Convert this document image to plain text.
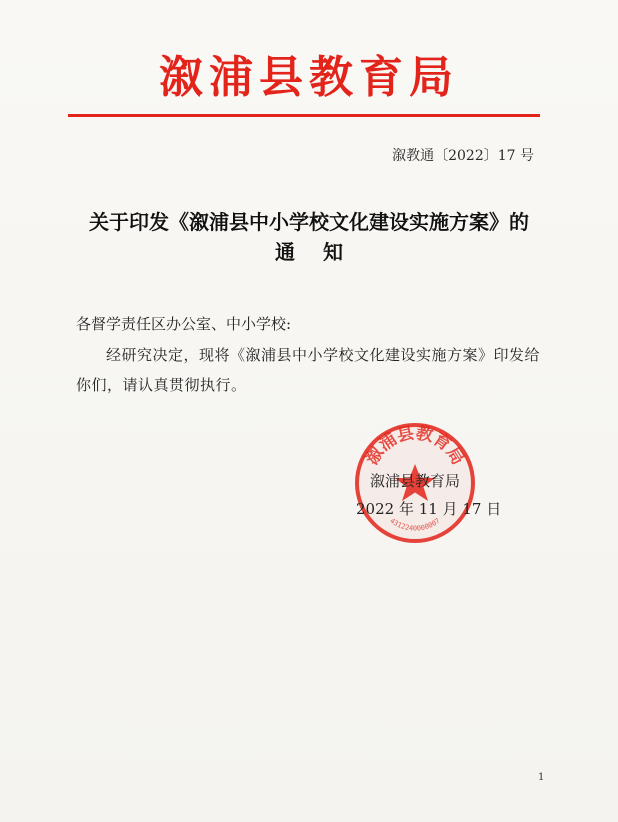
溆浦县教育局
溆教通〔2022〕17 号
关于印发《溆浦县中小学校文化建设实施方案》的
通知
各督学责任区办公室、中小学校:
经研究决定，现将《溆浦县中小学校文化建设实施方案》印发给你们，请认真贯彻执行。
溆浦县教育局
4312240000007
溆浦县教育局
2022 年 11 月 17 日
1
